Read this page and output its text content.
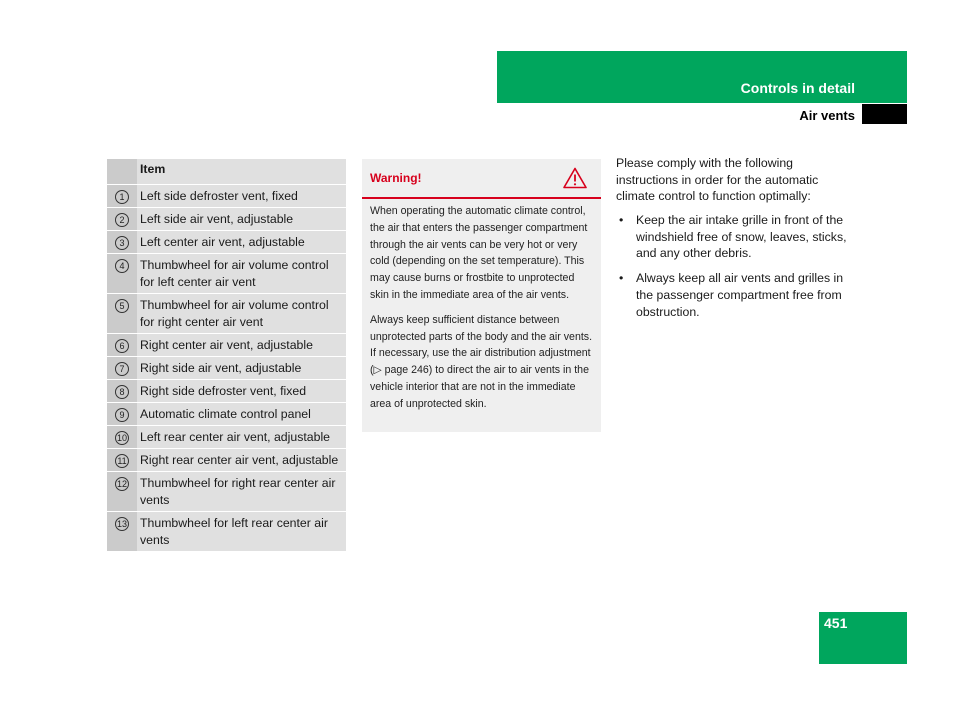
Controls in detail
Air vents
	Item
1	Left side defroster vent, fixed
2	Left side air vent, adjustable
3	Left center air vent, adjustable
4	Thumbwheel for air volume control for left center air vent
5	Thumbwheel for air volume control for right center air vent
6	Right center air vent, adjustable
7	Right side air vent, adjustable
8	Right side defroster vent, fixed
9	Automatic climate control panel
10	Left rear center air vent, adjustable
11	Right rear center air vent, adjustable
12	Thumbwheel for right rear center air vents
13	Thumbwheel for left rear center air vents
Warning!

When operating the automatic climate control, the air that enters the passenger compartment through the air vents can be very hot or very cold (depending on the set temperature). This may cause burns or frostbite to unprotected skin in the immediate area of the air vents.

Always keep sufficient distance between unprotected parts of the body and the air vents. If necessary, use the air distribution adjustment (▷ page 246) to direct the air to air vents in the vehicle interior that are not in the immediate area of unprotected skin.

Please comply with the following instructions in order for the automatic climate control to function optimally:

• Keep the air intake grille in front of the windshield free of snow, leaves, sticks, and any other debris.
• Always keep all air vents and grilles in the passenger compartment free from obstruction.
451
